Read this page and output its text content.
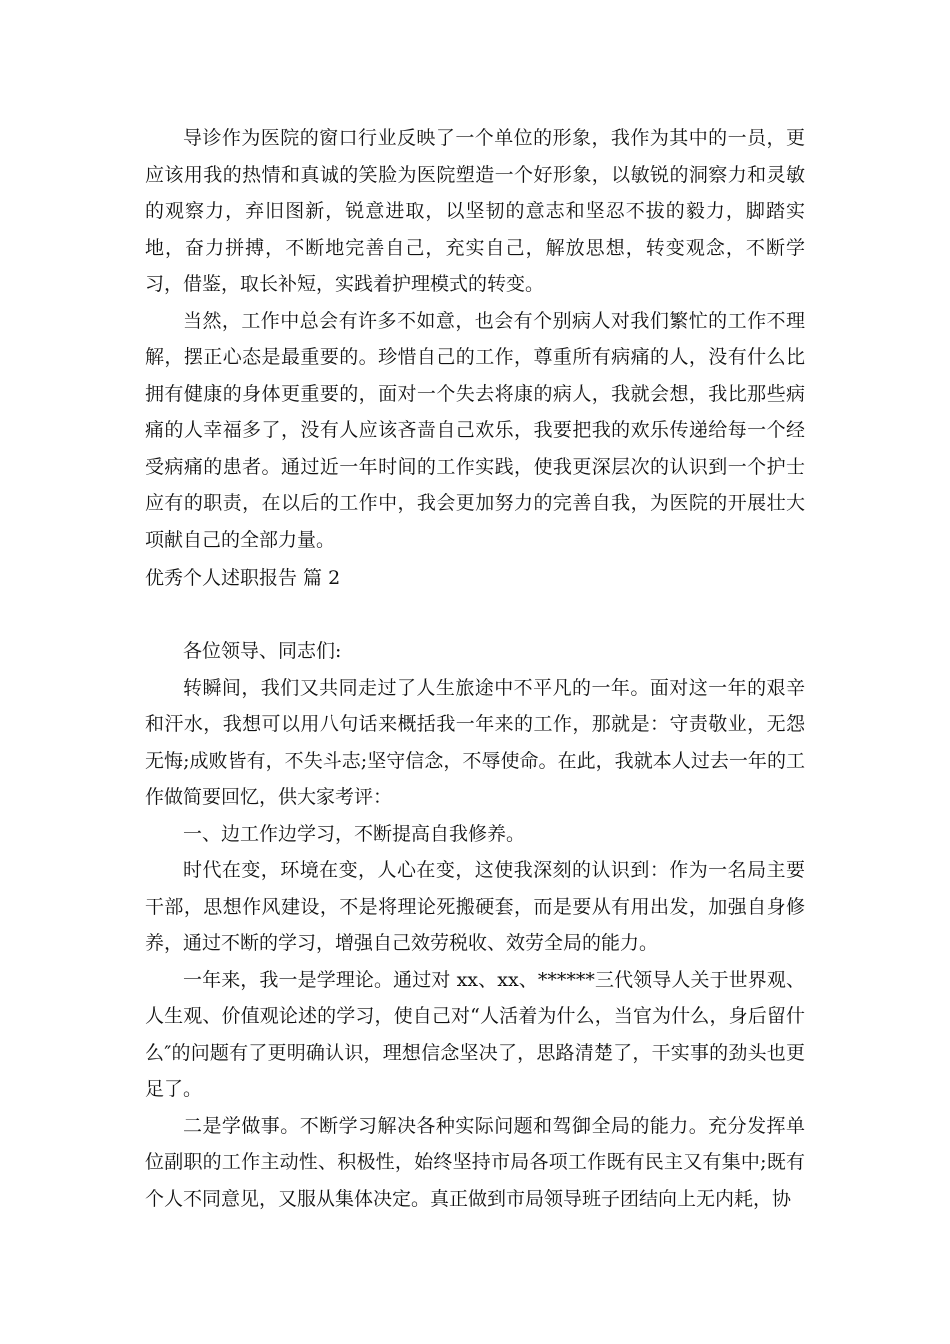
导诊作为医院的窗口行业反映了一个单位的形象，我作为其中的一员，更应该用我的热情和真诚的笑脸为医院塑造一个好形象，以敏锐的洞察力和灵敏的观察力，弃旧图新，锐意进取，以坚韧的意志和坚忍不拔的毅力，脚踏实地，奋力拼搏，不断地完善自己，充实自己，解放思想，转变观念，不断学习，借鉴，取长补短，实践着护理模式的转变。

当然，工作中总会有许多不如意，也会有个别病人对我们繁忙的工作不理解，摆正心态是最重要的。珍惜自己的工作，尊重所有病痛的人，没有什么比拥有健康的身体更重要的，面对一个失去将康的病人，我就会想，我比那些病痛的人幸福多了，没有人应该吝啬自己欢乐，我要把我的欢乐传递给每一个经受病痛的患者。通过近一年时间的工作实践，使我更深层次的认识到一个护士应有的职责，在以后的工作中，我会更加努力的完善自我，为医院的开展壮大项献自己的全部力量。

优秀个人述职报告 篇 2

各位领导、同志们:

转瞬间，我们又共同走过了人生旅途中不平凡的一年。面对这一年的艰辛和汗水，我想可以用八句话来概括我一年来的工作，那就是：守责敬业，无怨无悔;成败皆有，不失斗志;坚守信念，不辱使命。在此，我就本人过去一年的工作做简要回忆，供大家考评：

一、边工作边学习，不断提高自我修养。

时代在变，环境在变，人心在变，这使我深刻的认识到：作为一名局主要干部，思想作风建设，不是将理论死搬硬套，而是要从有用出发，加强自身修养，通过不断的学习，增强自己效劳税收、效劳全局的能力。

一年来，我一是学理论。通过对 xx、xx、******三代领导人关于世界观、人生观、价值观论述的学习，使自己对“人活着为什么，当官为什么，身后留什么″的问题有了更明确认识，理想信念坚决了，思路清楚了，干实事的劲头也更足了。

二是学做事。不断学习解决各种实际问题和驾御全局的能力。充分发挥单位副职的工作主动性、积极性，始终坚持市局各项工作既有民主又有集中;既有个人不同意见，又服从集体决定。真正做到市局领导班子团结向上无内耗，协
